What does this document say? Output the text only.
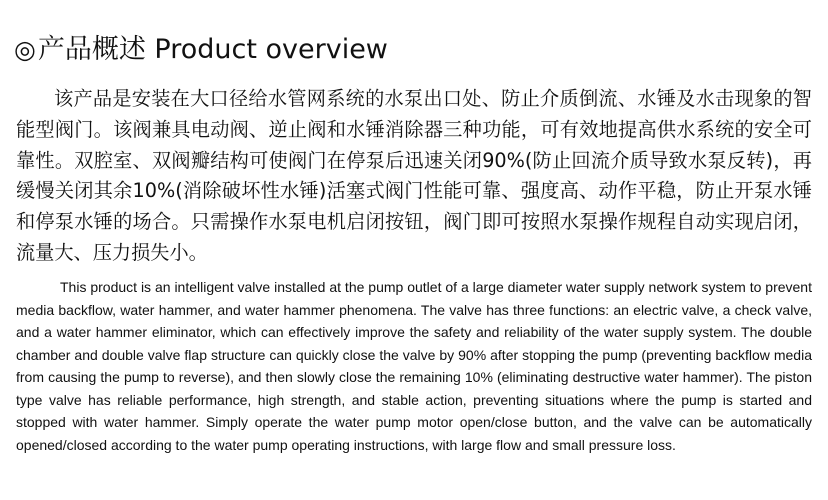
◎ 产品概述 Product overview

该产品是安装在大口径给水管网系统的水泵出口处、防止介质倒流、水锤及水击现象的智能型阀门。该阀兼具电动阀、逆止阀和水锤消除器三种功能，可有效地提高供水系统的安全可靠性。双腔室、双阀瓣结构可使阀门在停泵后迅速关闭90%(防止回流介质导致水泵反转)，再缓慢关闭其余10%(消除破坏性水锤)活塞式阀门性能可靠、强度高、动作平稳，防止开泵水锤和停泵水锤的场合。只需操作水泵电机启闭按钮，阀门即可按照水泵操作规程自动实现启闭，流量大、压力损失小。

This product is an intelligent valve installed at the pump outlet of a large diameter water supply network system to prevent media backflow, water hammer, and water hammer phenomena. The valve has three functions: an electric valve, a check valve, and a water hammer eliminator, which can effectively improve the safety and reliability of the water supply system. The double chamber and double valve flap structure can quickly close the valve by 90% after stopping the pump (preventing backflow media from causing the pump to reverse), and then slowly close the remaining 10% (eliminating destructive water hammer). The piston type valve has reliable performance, high strength, and stable action, preventing situations where the pump is started and stopped with water hammer. Simply operate the water pump motor open/close button, and the valve can be automatically opened/closed according to the water pump operating instructions, with large flow and small pressure loss.
